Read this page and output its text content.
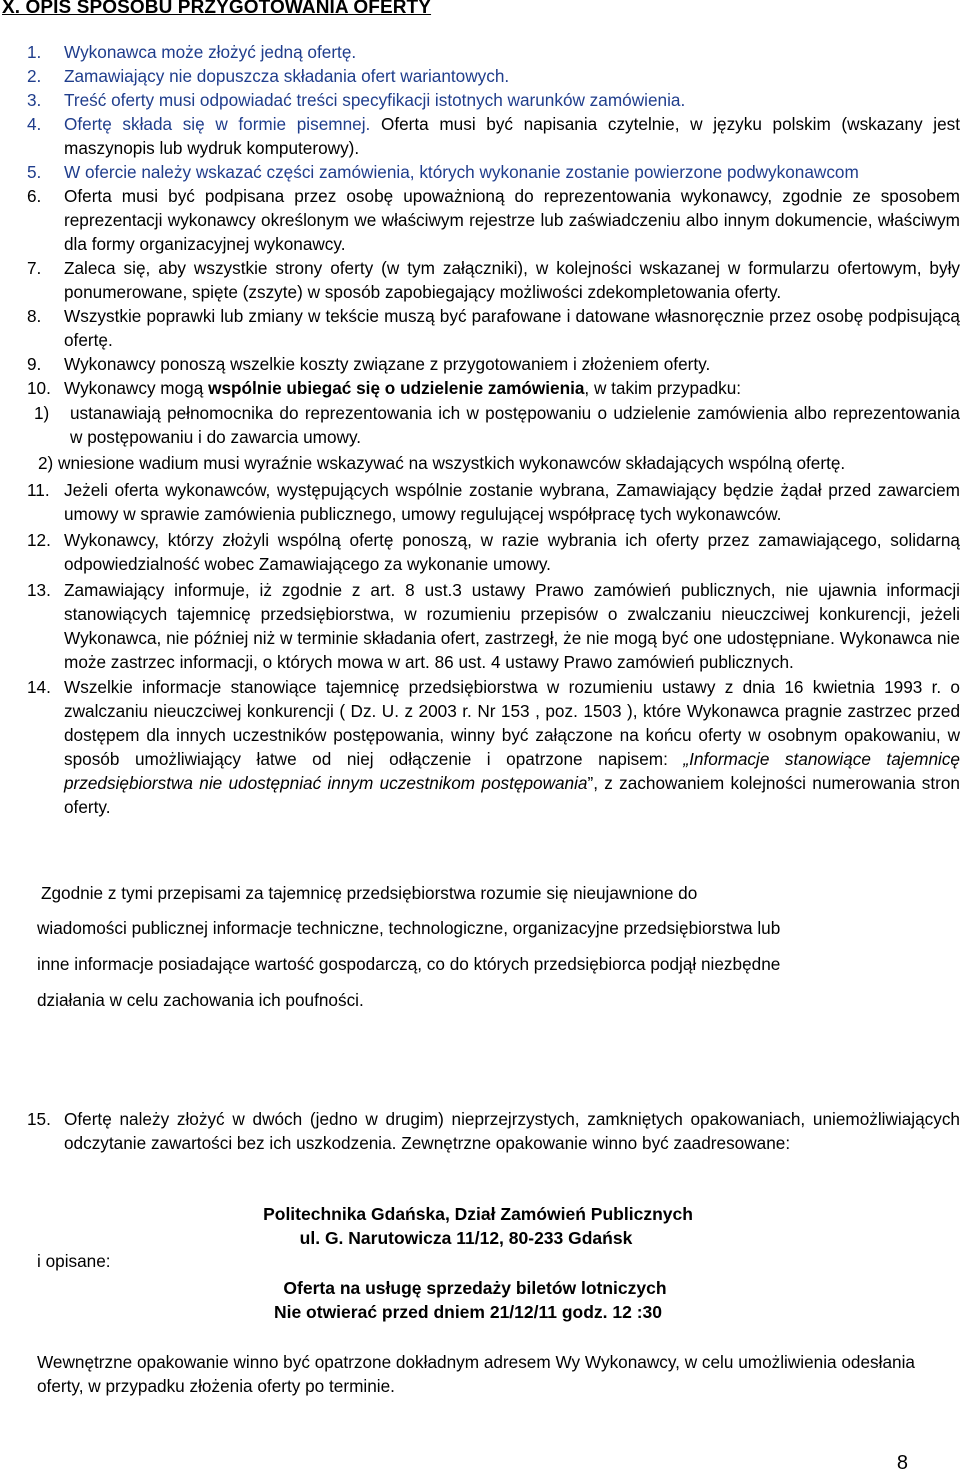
X. OPIS SPOSOBU PRZYGOTOWANIA OFERTY
1. Wykonawca może złożyć jedną ofertę.
2. Zamawiający nie dopuszcza składania ofert wariantowych.
3. Treść oferty musi odpowiadać treści specyfikacji istotnych warunków zamówienia.
4. Ofertę składa się w formie pisemnej. Oferta musi być napisania czytelnie, w języku polskim (wskazany jest maszynopis lub wydruk komputerowy).
5. W ofercie należy wskazać części zamówienia, których wykonanie zostanie powierzone podwykonawcom
6. Oferta musi być podpisana przez osobę upoważnioną do reprezentowania wykonawcy, zgodnie ze sposobem reprezentacji wykonawcy określonym we właściwym rejestrze lub zaświadczeniu albo innym dokumencie, właściwym dla formy organizacyjnej wykonawcy.
7. Zaleca się, aby wszystkie strony oferty (w tym załączniki), w kolejności wskazanej w formularzu ofertowym, były ponumerowane, spięte (zszyte) w sposób zapobiegający możliwości zdekompletowania oferty.
8. Wszystkie poprawki lub zmiany w tekście muszą być parafowane i datowane własnoręcznie przez osobę podpisującą ofertę.
9. Wykonawcy ponoszą wszelkie koszty związane z przygotowaniem i złożeniem oferty.
10. Wykonawcy mogą wspólnie ubiegać się o udzielenie zamówienia, w takim przypadku:
1) ustanawiają pełnomocnika do reprezentowania ich w postępowaniu o udzielenie zamówienia albo reprezentowania w postępowaniu i do zawarcia umowy.
2) wniesione wadium musi wyraźnie wskazywać na wszystkich wykonawców składających wspólną ofertę.
11. Jeżeli oferta wykonawców, występujących wspólnie zostanie wybrana, Zamawiający będzie żądał przed zawarciem umowy w sprawie zamówienia publicznego, umowy regulującej współpracę tych wykonawców.
12. Wykonawcy, którzy złożyli wspólną ofertę ponoszą, w razie wybrania ich oferty przez zamawiającego, solidarną odpowiedzialność wobec Zamawiającego za wykonanie umowy.
13. Zamawiający informuje, iż zgodnie z art. 8 ust.3 ustawy Prawo zamówień publicznych, nie ujawnia informacji stanowiących tajemnicę przedsiębiorstwa, w rozumieniu przepisów o zwalczaniu nieuczciwej konkurencji, jeżeli Wykonawca, nie później niż w terminie składania ofert, zastrzegł, że nie mogą być one udostępniane. Wykonawca nie może zastrzec informacji, o których mowa w art. 86 ust. 4 ustawy Prawo zamówień publicznych.
14. Wszelkie informacje stanowiące tajemnicę przedsiębiorstwa w rozumieniu ustawy z dnia 16 kwietnia 1993 r. o zwalczaniu nieuczciwej konkurencji ( Dz. U. z 2003 r. Nr 153 , poz. 1503 ), które Wykonawca pragnie zastrzec przed dostępem dla innych uczestników postępowania, winny być załączone na końcu oferty w osobnym opakowaniu, w sposób umożliwiający łatwe od niej odłączenie i opatrzone napisem: „Informacje stanowiące tajemnicę przedsiębiorstwa nie udostępniać innym uczestnikom postępowania”, z zachowaniem kolejności numerowania stron oferty.
Zgodnie z tymi przepisami za tajemnicę przedsiębiorstwa rozumie się nieujawnione do
wiadomości publicznej informacje techniczne, technologiczne, organizacyjne przedsiębiorstwa lub
inne informacje posiadające wartość gospodarczą, co do których przedsiębiorca podjął niezbędne
działania w celu zachowania ich poufności.
15. Ofertę należy złożyć w dwóch (jedno w drugim) nieprzejrzystych, zamkniętych opakowaniach, uniemożliwiających odczytanie zawartości bez ich uszkodzenia. Zewnętrzne opakowanie winno być zaadresowane:
Politechnika Gdańska, Dział Zamówień Publicznych
ul. G. Narutowicza 11/12, 80-233 Gdańsk
i opisane:
Oferta na usługę sprzedaży biletów lotniczych
Nie otwierać przed dniem 21/12/11 godz. 12 :30
Wewnętrzne opakowanie winno być opatrzone dokładnym adresem Wy Wykonawcy, w celu umożliwienia odesłania oferty, w przypadku złożenia oferty po terminie.
8
